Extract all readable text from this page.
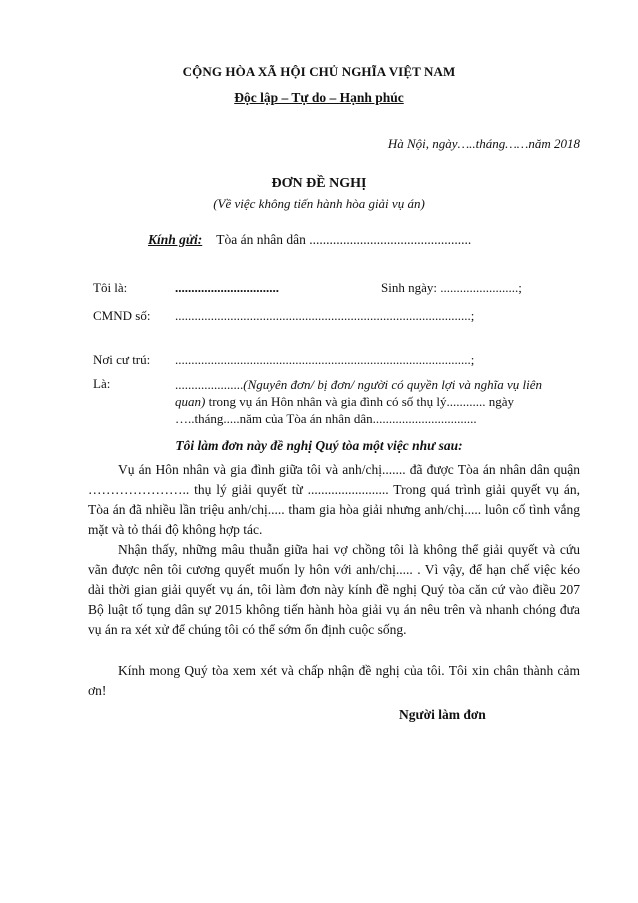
CỘNG HÒA XÃ HỘI CHỦ NGHĨA VIỆT NAM
Độc lập – Tự do – Hạnh phúc
Hà Nội, ngày…..tháng……năm 2018
ĐƠN ĐỀ NGHỊ
(Về việc không tiến hành hòa giải vụ án)
Kính gửi: Tòa án nhân dân ................................................
Tôi là:	................................	Sinh ngày: ........................;
CMND số:	...........................................................................................;
Nơi cư trú:	...........................................................................................;
Là:	.....................(Nguyên đơn/ bị đơn/ người có quyền lợi và nghĩa vụ liên quan) trong vụ án Hôn nhân và gia đình có số thụ lý............ ngày …..tháng.....năm của Tòa án nhân dân................................
Tôi làm đơn này đề nghị Quý tòa một việc như sau:

Vụ án Hôn nhân và gia đình giữa tôi và anh/chị....... đã được Tòa án nhân dân quận ………………….. thụ lý giải quyết từ ........................ Trong quá trình giải quyết vụ án, Tòa án đã nhiều lần triệu anh/chị..... tham gia hòa giải nhưng anh/chị..... luôn cố tình vắng mặt và tỏ thái độ không hợp tác.

Nhận thấy, những mâu thuẫn giữa hai vợ chồng tôi là không thể giải quyết và cứu vãn được nên tôi cương quyết muốn ly hôn với anh/chị..... . Vì vậy, để hạn chế việc kéo dài thời gian giải quyết vụ án, tôi làm đơn này kính đề nghị Quý tòa căn cứ vào điều 207 Bộ luật tố tụng dân sự 2015 không tiến hành hòa giải vụ án nêu trên và nhanh chóng đưa vụ án ra xét xử để chúng tôi có thể sớm ổn định cuộc sống.

Kính mong Quý tòa xem xét và chấp nhận đề nghị của tôi. Tôi xin chân thành cảm ơn!

Người làm đơn
